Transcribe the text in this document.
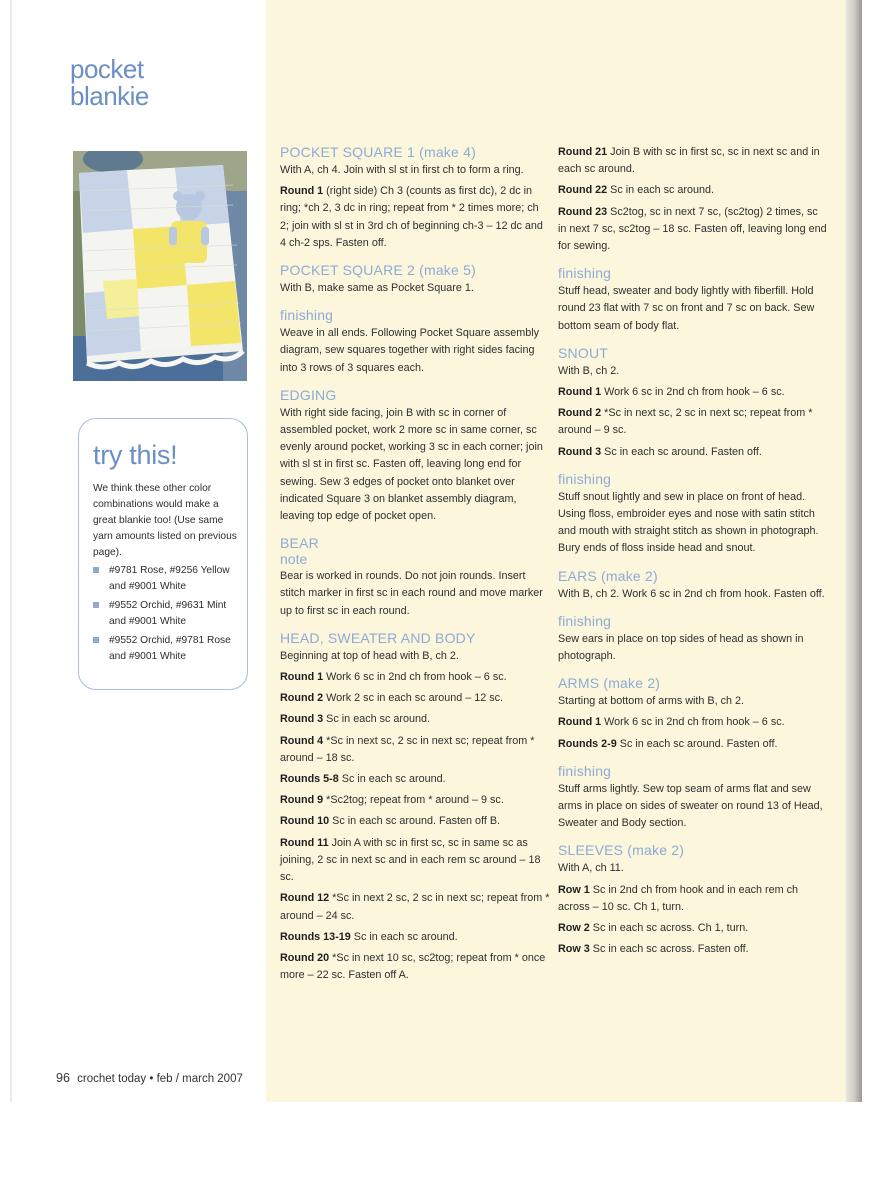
pocket
blankie
try this!
We think these other color combinations would make a great blankie too! (Use same yarn amounts listed on previous page).
#9781 Rose, #9256 Yellow and #9001 White
#9552 Orchid, #9631 Mint and #9001 White
#9552 Orchid, #9781 Rose and #9001 White
96 crochet today • feb / march 2007
POCKET SQUARE 1 (make 4)
With A, ch 4. Join with sl st in first ch to form a ring.
Round 1 (right side) Ch 3 (counts as first dc), 2 dc in ring; *ch 2, 3 dc in ring; repeat from * 2 times more; ch 2; join with sl st in 3rd ch of beginning ch-3 – 12 dc and 4 ch-2 sps. Fasten off.
POCKET SQUARE 2 (make 5)
With B, make same as Pocket Square 1.
finishing
Weave in all ends. Following Pocket Square assembly diagram, sew squares together with right sides facing into 3 rows of 3 squares each.
EDGING
With right side facing, join B with sc in corner of assembled pocket, work 2 more sc in same corner, sc evenly around pocket, working 3 sc in each corner; join with sl st in first sc. Fasten off, leaving long end for sewing. Sew 3 edges of pocket onto blanket over indicated Square 3 on blanket assembly diagram, leaving top edge of pocket open.
BEAR
note
Bear is worked in rounds. Do not join rounds. Insert stitch marker in first sc in each round and move marker up to first sc in each round.
HEAD, SWEATER AND BODY
Beginning at top of head with B, ch 2.
Round 1 Work 6 sc in 2nd ch from hook – 6 sc.
Round 2 Work 2 sc in each sc around – 12 sc.
Round 3 Sc in each sc around.
Round 4 *Sc in next sc, 2 sc in next sc; repeat from * around – 18 sc.
Rounds 5-8 Sc in each sc around.
Round 9 *Sc2tog; repeat from * around – 9 sc.
Round 10 Sc in each sc around. Fasten off B.
Round 11 Join A with sc in first sc, sc in same sc as joining, 2 sc in next sc and in each rem sc around – 18 sc.
Round 12 *Sc in next 2 sc, 2 sc in next sc; repeat from * around – 24 sc.
Rounds 13-19 Sc in each sc around.
Round 20 *Sc in next 10 sc, sc2tog; repeat from * once more – 22 sc. Fasten off A.
Round 21 Join B with sc in first sc, sc in next sc and in each sc around.
Round 22 Sc in each sc around.
Round 23 Sc2tog, sc in next 7 sc, (sc2tog) 2 times, sc in next 7 sc, sc2tog – 18 sc. Fasten off, leaving long end for sewing.
finishing
Stuff head, sweater and body lightly with fiberfill. Hold round 23 flat with 7 sc on front and 7 sc on back. Sew bottom seam of body flat.
SNOUT
With B, ch 2.
Round 1 Work 6 sc in 2nd ch from hook – 6 sc.
Round 2 *Sc in next sc, 2 sc in next sc; repeat from * around – 9 sc.
Round 3 Sc in each sc around. Fasten off.
finishing
Stuff snout lightly and sew in place on front of head. Using floss, embroider eyes and nose with satin stitch and mouth with straight stitch as shown in photograph. Bury ends of floss inside head and snout.
EARS (make 2)
With B, ch 2. Work 6 sc in 2nd ch from hook. Fasten off.
finishing
Sew ears in place on top sides of head as shown in photograph.
ARMS (make 2)
Starting at bottom of arms with B, ch 2.
Round 1 Work 6 sc in 2nd ch from hook – 6 sc.
Rounds 2-9 Sc in each sc around. Fasten off.
finishing
Stuff arms lightly. Sew top seam of arms flat and sew arms in place on sides of sweater on round 13 of Head, Sweater and Body section.
SLEEVES (make 2)
With A, ch 11.
Row 1 Sc in 2nd ch from hook and in each rem ch across – 10 sc. Ch 1, turn.
Row 2 Sc in each sc across. Ch 1, turn.
Row 3 Sc in each sc across. Fasten off.
